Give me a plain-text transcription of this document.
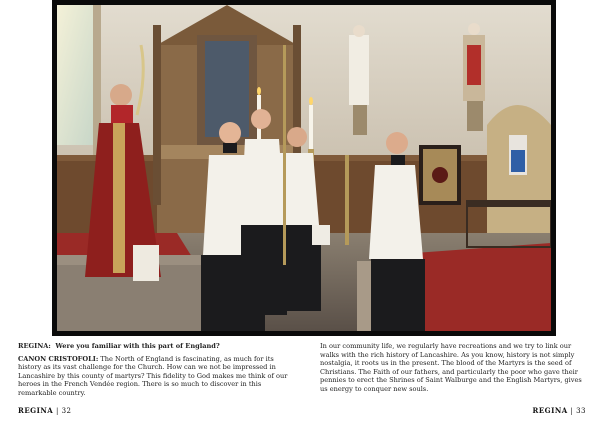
REGINA: Were you familiar with this part of England?

CANON CRISTOFOLI: The North of England is fascinating, as much for its history as its vast challenge for the Church. How can we not be impressed in Lancashire by this county of martyrs? This fidelity to God makes me think of our heroes in the French Vendée region. There is so much to discover in this remarkable country.

In our community life, we regularly have recreations and we try to link our walks with the rich history of Lancashire. As you know, history is not simply nostalgia, it roots us in the present. The blood of the Martyrs is the seed of Christians. The Faith of our fathers, and particularly the poor who gave their pennies to erect the Shrines of Saint Walburge and the English Martyrs, gives us energy to conquer new souls.

REGINA | 32	REGINA | 33
